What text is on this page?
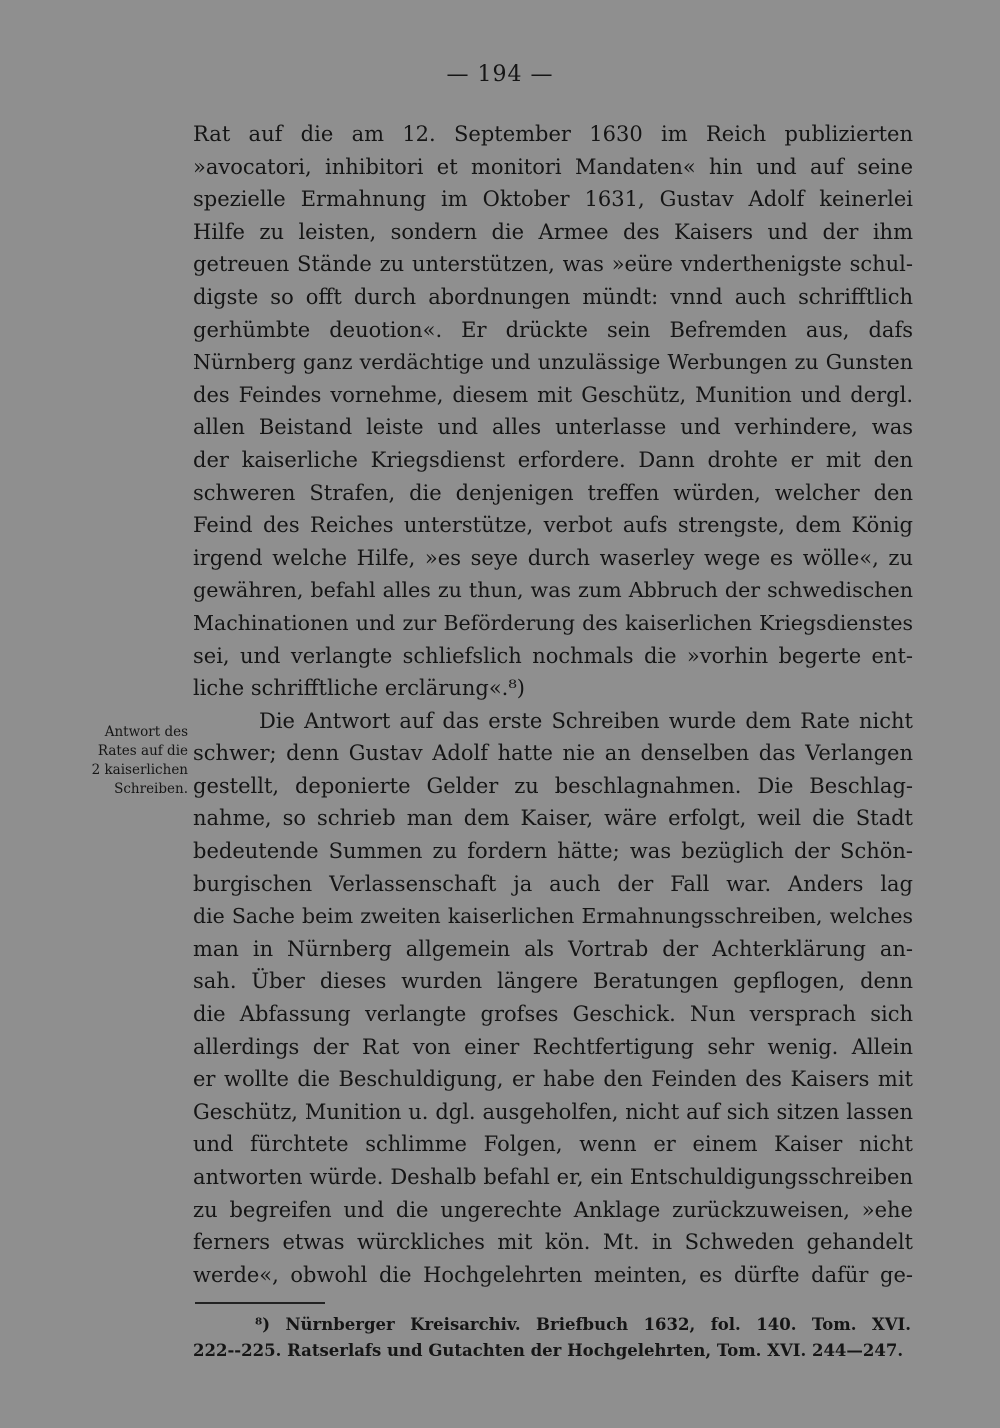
— 194 —
Antwort des
Rates auf die
2 kaiserlichen
Schreiben.
Rat auf die am 12. September 1630 im Reich publizierten
»avocatori, inhibitori et monitori Mandaten« hin und auf seine
spezielle Ermahnung im Oktober 1631, Gustav Adolf keinerlei
Hilfe zu leisten, sondern die Armee des Kaisers und der ihm
getreuen Stände zu unterstützen, was »eüre vnderthenigste schul-
digste so offt durch abordnungen mündt: vnnd auch schrifftlich
gerhümbte deuotion«. Er drückte sein Befremden aus, dafs
Nürnberg ganz verdächtige und unzulässige Werbungen zu Gunsten
des Feindes vornehme, diesem mit Geschütz, Munition und dergl.
allen Beistand leiste und alles unterlasse und verhindere, was
der kaiserliche Kriegsdienst erfordere. Dann drohte er mit den
schweren Strafen, die denjenigen treffen würden, welcher den
Feind des Reiches unterstütze, verbot aufs strengste, dem König
irgend welche Hilfe, »es seye durch waserley wege es wölle«, zu
gewähren, befahl alles zu thun, was zum Abbruch der schwedischen
Machinationen und zur Beförderung des kaiserlichen Kriegsdienstes
sei, und verlangte schliefslich nochmals die »vorhin begerte ent-
liche schrifftliche erclärung«.⁸)
Die Antwort auf das erste Schreiben wurde dem Rate nicht
schwer; denn Gustav Adolf hatte nie an denselben das Verlangen
gestellt, deponierte Gelder zu beschlagnahmen. Die Beschlag-
nahme, so schrieb man dem Kaiser, wäre erfolgt, weil die Stadt
bedeutende Summen zu fordern hätte; was bezüglich der Schön-
burgischen Verlassenschaft ja auch der Fall war. Anders lag
die Sache beim zweiten kaiserlichen Ermahnungsschreiben, welches
man in Nürnberg allgemein als Vortrab der Achterklärung an-
sah. Über dieses wurden längere Beratungen gepflogen, denn
die Abfassung verlangte grofses Geschick. Nun versprach sich
allerdings der Rat von einer Rechtfertigung sehr wenig. Allein
er wollte die Beschuldigung, er habe den Feinden des Kaisers mit
Geschütz, Munition u. dgl. ausgeholfen, nicht auf sich sitzen lassen
und fürchtete schlimme Folgen, wenn er einem Kaiser nicht
antworten würde. Deshalb befahl er, ein Entschuldigungsschreiben
zu begreifen und die ungerechte Anklage zurückzuweisen, »ehe
ferners etwas würckliches mit kön. Mt. in Schweden gehandelt
werde«, obwohl die Hochgelehrten meinten, es dürfte dafür ge-
⁸) Nürnberger Kreisarchiv. Briefbuch 1632, fol. 140. Tom. XVI.
222--225. Ratserlafs und Gutachten der Hochgelehrten, Tom. XVI. 244—247.
